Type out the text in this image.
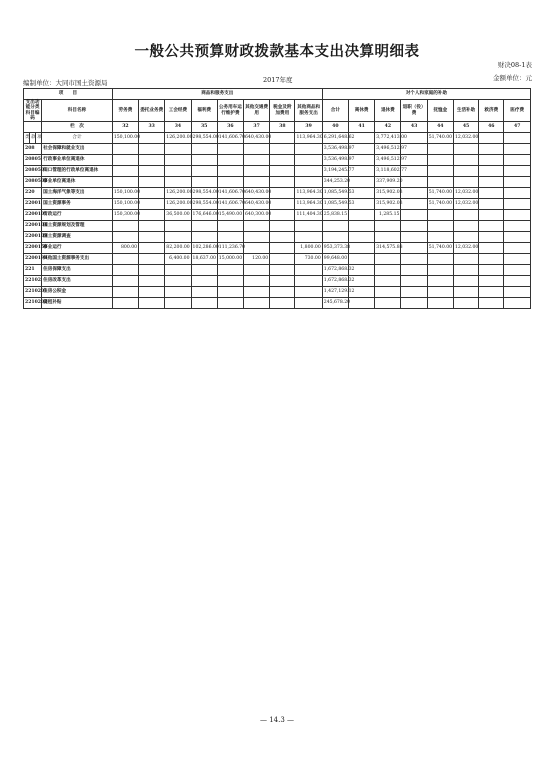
一般公共预算财政拨款基本支出决算明细表
财决08-1表
金额单位：元
编制单位：大同市国土资源局	2017年度
项　　目				商品和服务支出								对个人和家庭的补助							
支出功能分类科目编码			科目名称	劳务费	委托业务费	工会经费	福利费	公务用车运行维护费	其他交通费用	税金及附加费用	其他商品和服务支出	合计	离休费	退休费	退职（役）费	抚恤金	生活补助	救济费	医疗费
			栏　次	32	33	34	35	36	37	38	39	40	41	42	43	44	45	46	47
类	款	项	合计	150,100.00		126,200.00	298,554.00	141,606.70	640,430.00		113,964.30	6,291,648.62		3,772,413.00		51,740.00	12,032.00		
208			社会保障和就业支出									3,536,498.97		3,496,512.97					
20805			行政事业单位离退休									3,536,498.97		3,496,512.97					
2080501			归口管理的行政单位离退休									3,194,245.77		3,118,602.77					
2080502			事业单位离退休									344,253.20		337,909.20					
220			国土海洋气象等支出	150,100.00		126,200.00	298,554.00	141,606.70	640,430.00		113,964.30	1,085,549.53		315,902.03		51,740.00	12,032.00		
22001			国土资源事务	150,100.00		126,200.00	298,554.00	141,606.70	640,430.00		113,964.30	1,085,549.53		315,902.03		51,740.00	12,032.00		
2200101			行政运行	150,300.00		36,500.00	176,646.00	15,490.00	640,300.00		111,404.30	25,838.15		1,285.15					
2200104			国土资源规划及管理																
2200109			国土资源调查																
2200150			事业运行	800.00		82,200.00	102,286.00	111,236.70			1,800.00	953,373.38		314,575.88		51,740.00	12,032.00		
2200199			其他国土资源事务支出			6,400.00	18,637.00	15,000.00	120.00		730.00	99,648.00							
221			住房保障支出									1,672,868.32							
22102			住房改革支出									1,672,868.32							
2210201			住房公积金									1,427,129.12							
2210202			提租补贴									245,678.20							
— 14.3 —
